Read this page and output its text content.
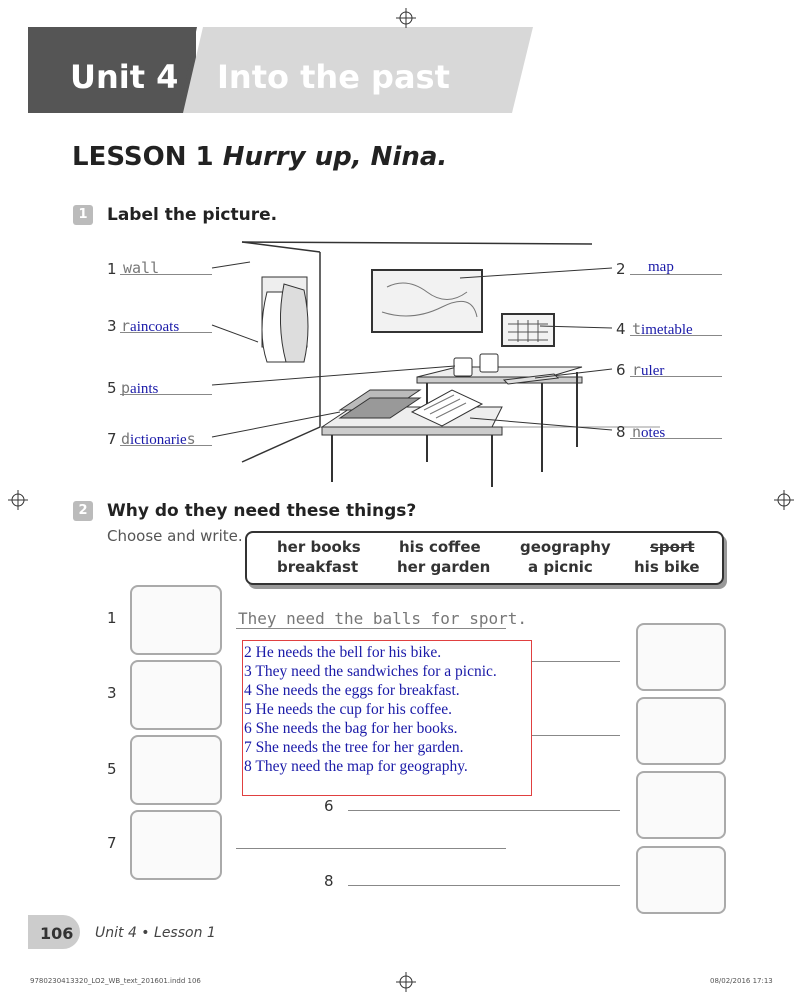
Unit 4 Into the past
LESSON 1 Hurry up, Nina.
1	Label the picture.
1 wall	2 map
3 raincoats	4 timetable
5 paints
6 ruler
7 dictionaries	8 notes
2	Why do they need these things?
Choose and write.
her books	his coffee	geography	sport
breakfast	her garden	a picnic	his bike
1	They need the balls for sport.
3
5
7
6
8
2 He needs the bell for his bike.
3 They need the sandwiches for a picnic.
4 She needs the eggs for breakfast.
5 He needs the cup for his coffee.
6 She needs the bag for her books.
7 She needs the tree for her garden.
8 They need the map for geography.
106 Unit 4 • Lesson 1
9780230413320_LO2_WB_text_201601.indd 106	08/02/2016 17:13
